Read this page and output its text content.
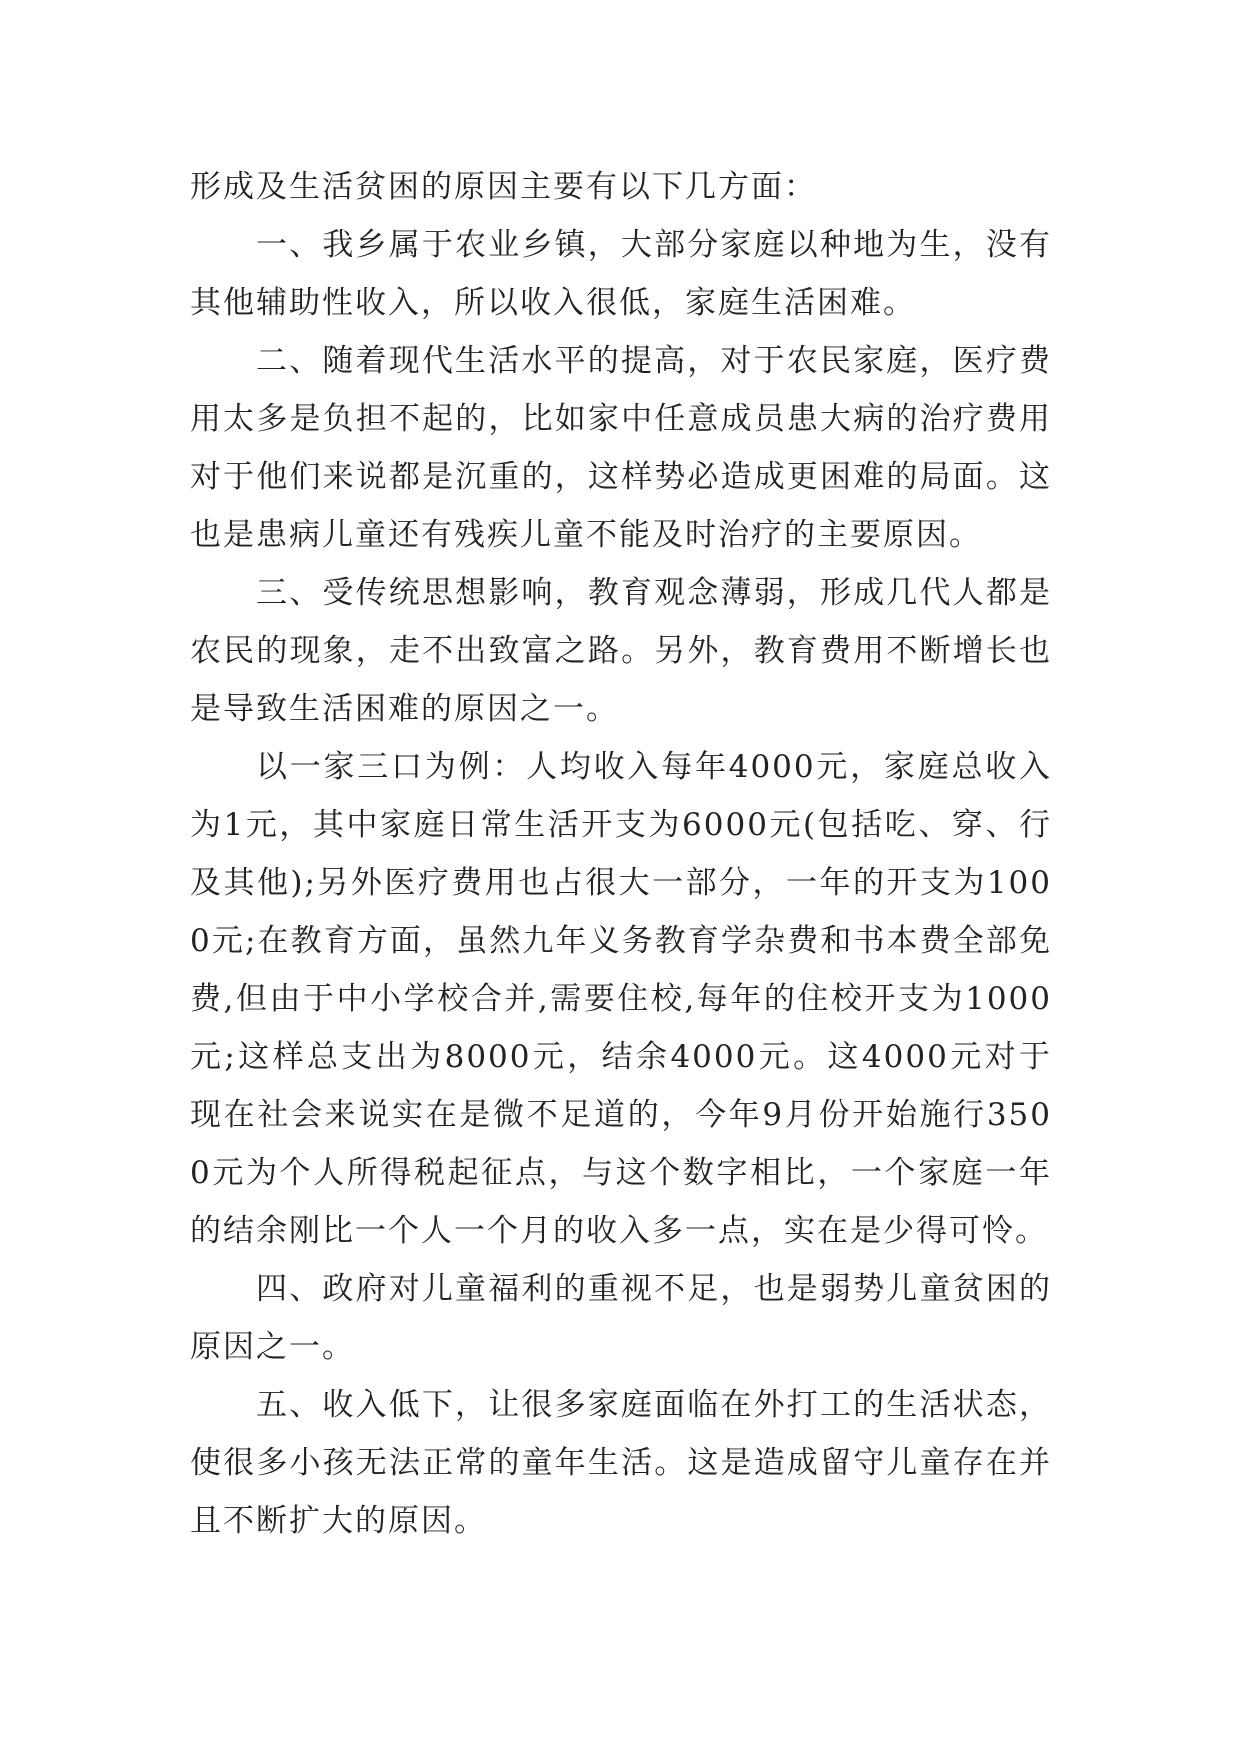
形成及生活贫困的原因主要有以下几方面：

一、我乡属于农业乡镇，大部分家庭以种地为生，没有其他辅助性收入，所以收入很低，家庭生活困难。

二、随着现代生活水平的提高，对于农民家庭，医疗费用太多是负担不起的，比如家中任意成员患大病的治疗费用对于他们来说都是沉重的，这样势必造成更困难的局面。这也是患病儿童还有残疾儿童不能及时治疗的主要原因。

三、受传统思想影响，教育观念薄弱，形成几代人都是农民的现象，走不出致富之路。另外，教育费用不断增长也是导致生活困难的原因之一。

以一家三口为例：人均收入每年4000元，家庭总收入为1元，其中家庭日常生活开支为6000元(包括吃、穿、行及其他);另外医疗费用也占很大一部分，一年的开支为1000元;在教育方面，虽然九年义务教育学杂费和书本费全部免费,但由于中小学校合并,需要住校,每年的住校开支为1000元;这样总支出为8000元，结余4000元。这4000元对于现在社会来说实在是微不足道的，今年9月份开始施行3500元为个人所得税起征点，与这个数字相比，一个家庭一年的结余刚比一个人一个月的收入多一点，实在是少得可怜。

四、政府对儿童福利的重视不足，也是弱势儿童贫困的原因之一。

五、收入低下，让很多家庭面临在外打工的生活状态，使很多小孩无法正常的童年生活。这是造成留守儿童存在并且不断扩大的原因。
